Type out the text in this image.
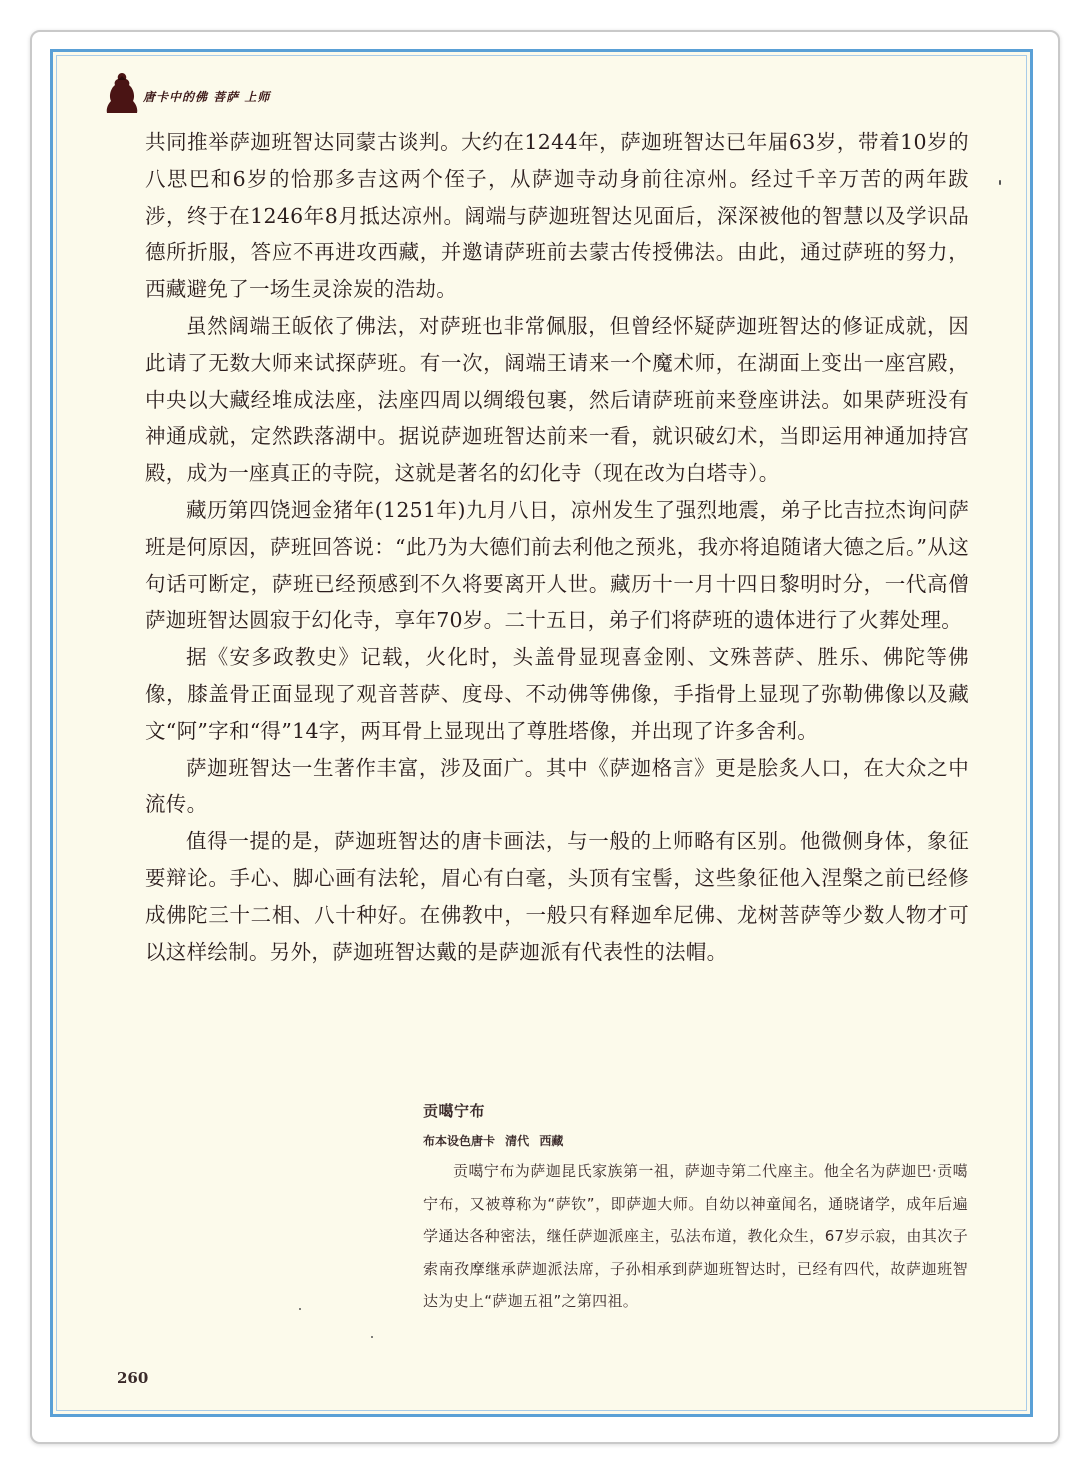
唐卡中的佛 菩萨 上师

共同推举萨迦班智达同蒙古谈判。大约在1244年，萨迦班智达已年届63岁，带着10岁的八思巴和6岁的恰那多吉这两个侄子，从萨迦寺动身前往凉州。经过千辛万苦的两年跋涉，终于在1246年8月抵达凉州。阔端与萨迦班智达见面后，深深被他的智慧以及学识品德所折服，答应不再进攻西藏，并邀请萨班前去蒙古传授佛法。由此，通过萨班的努力，西藏避免了一场生灵涂炭的浩劫。

虽然阔端王皈依了佛法，对萨班也非常佩服，但曾经怀疑萨迦班智达的修证成就，因此请了无数大师来试探萨班。有一次，阔端王请来一个魔术师，在湖面上变出一座宫殿，中央以大藏经堆成法座，法座四周以绸缎包裹，然后请萨班前来登座讲法。如果萨班没有神通成就，定然跌落湖中。据说萨迦班智达前来一看，就识破幻术，当即运用神通加持宫殿，成为一座真正的寺院，这就是著名的幻化寺（现在改为白塔寺）。

藏历第四饶迥金猪年(1251年)九月八日，凉州发生了强烈地震，弟子比吉拉杰询问萨班是何原因，萨班回答说：“此乃为大德们前去利他之预兆，我亦将追随诸大德之后。”从这句话可断定，萨班已经预感到不久将要离开人世。藏历十一月十四日黎明时分，一代高僧萨迦班智达圆寂于幻化寺，享年70岁。二十五日，弟子们将萨班的遗体进行了火葬处理。

据《安多政教史》记载，火化时，头盖骨显现喜金刚、文殊菩萨、胜乐、佛陀等佛像，膝盖骨正面显现了观音菩萨、度母、不动佛等佛像，手指骨上显现了弥勒佛像以及藏文“阿”字和“得”14字，两耳骨上显现出了尊胜塔像，并出现了许多舍利。

萨迦班智达一生著作丰富，涉及面广。其中《萨迦格言》更是脍炙人口，在大众之中流传。

值得一提的是，萨迦班智达的唐卡画法，与一般的上师略有区别。他微侧身体，象征要辩论。手心、脚心画有法轮，眉心有白毫，头顶有宝髻，这些象征他入涅槃之前已经修成佛陀三十二相、八十种好。在佛教中，一般只有释迦牟尼佛、龙树菩萨等少数人物才可以这样绘制。另外，萨迦班智达戴的是萨迦派有代表性的法帽。

贡噶宁布
布本设色唐卡 清代 西藏
贡噶宁布为萨迦昆氏家族第一祖，萨迦寺第二代座主。他全名为萨迦巴·贡噶宁布，又被尊称为“萨钦”，即萨迦大师。自幼以神童闻名，通晓诸学，成年后遍学通达各种密法，继任萨迦派座主，弘法布道，教化众生，67岁示寂，由其次子索南孜摩继承萨迦派法席，子孙相承到萨迦班智达时，已经有四代，故萨迦班智达为史上“萨迦五祖”之第四祖。
260
